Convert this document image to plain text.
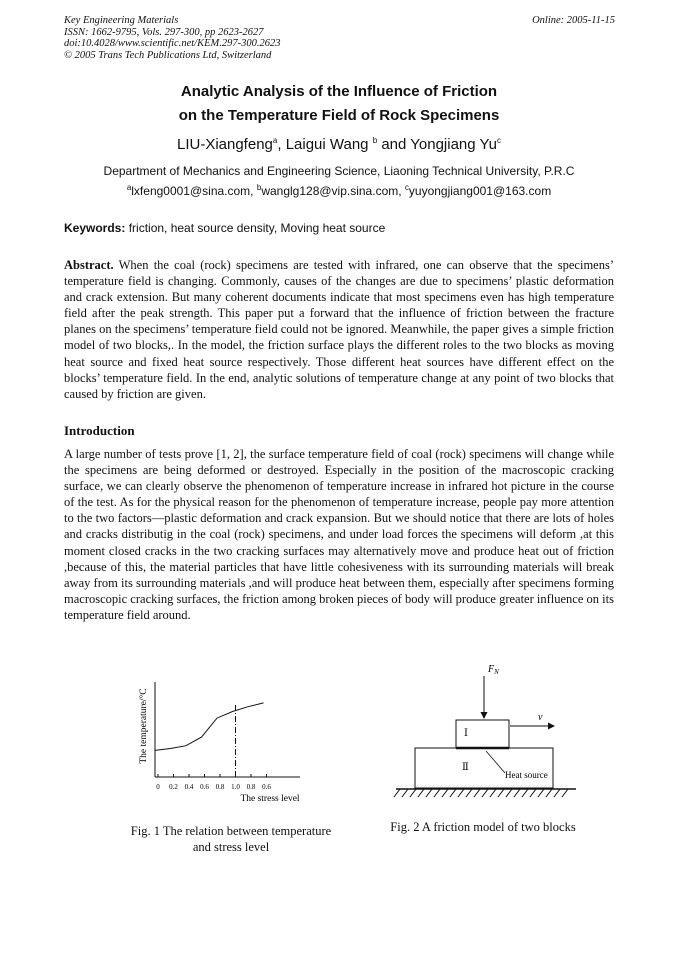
Key Engineering Materials
ISSN: 1662-9795, Vols. 297-300, pp 2623-2627
doi:10.4028/www.scientific.net/KEM.297-300.2623
© 2005 Trans Tech Publications Ltd, Switzerland
Online: 2005-11-15
Analytic Analysis of the Influence of Friction
on the Temperature Field of Rock Specimens
LIU-Xiangfeng$^a$, Laigui Wang $^b$ and Yongjiang Yu$^c$
Department of Mechanics and Engineering Science, Liaoning Technical University, P.R.C
$^a$lxfeng0001@sina.com, $^b$wanglg128@vip.sina.com, $^c$yuyongjiang001@163.com
Keywords: friction, heat source density, Moving heat source

Abstract. When the coal (rock) specimens are tested with infrared, one can observe that the specimens’ temperature field is changing. Commonly, causes of the changes are due to specimens’ plastic deformation and crack extension. But many coherent documents indicate that most specimens even has high temperature field after the peak strength. This paper put a forward that the influence of friction between the fracture planes on the specimens’ temperature field could not be ignored. Meanwhile, the paper gives a simple friction model of two blocks,. In the model, the friction surface plays the different roles to the two blocks as moving heat source and fixed heat source respectively. Those different heat sources have different effect on the blocks’ temperature field. In the end, analytic solutions of temperature change at any point of two blocks that caused by friction are given.

Introduction

A large number of tests prove [1, 2], the surface temperature field of coal (rock) specimens will change while the specimens are being deformed or destroyed. Especially in the position of the macroscopic cracking surface, we can clearly observe the phenomenon of temperature increase in infrared hot picture in the course of the test. As for the physical reason for the phenomenon of temperature increase, people pay more attention to the two factors—plastic deformation and crack expansion. But we should notice that there are lots of holes and cracks distributig in the coal (rock) specimens, and under load forces the specimens will deform ,at this moment closed cracks in the two cracking surfaces may alternatively move and produce heat out of friction ,because of this, the material particles that have little cohesiveness with its surrounding materials will break away from its surrounding materials ,and will produce heat between them, especially after specimens forming macroscopic cracking surfaces, the friction among broken pieces of body will produce greater influence on its temperature field around.

0 0.2 0.4 0.6 0.8 1.0 0.8 0.6
The stress level
The temperature/°C
Fig. 1 The relation between temperature
and stress level
$F_N$
Ⅰ
v
Ⅱ
Heat source
Fig. 2 A friction model of two blocks
